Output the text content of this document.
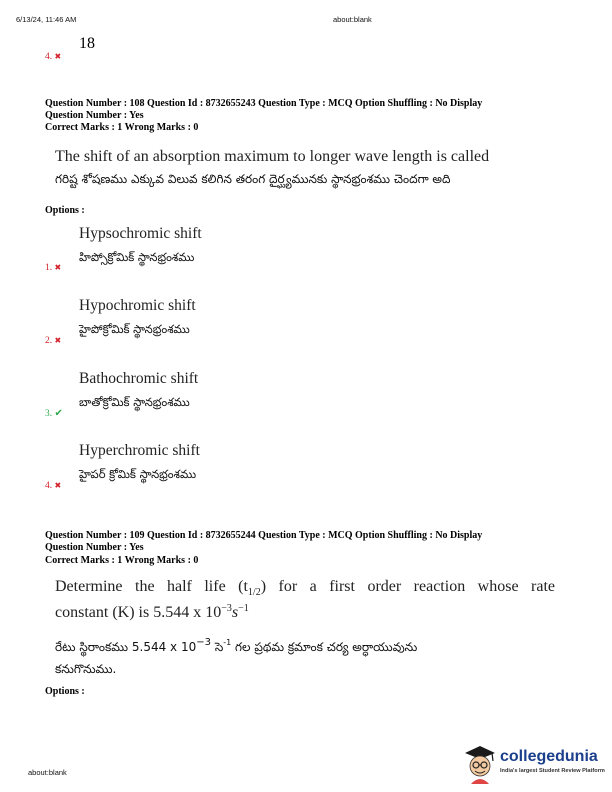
6/13/24, 11:46 AM	about:blank
18
4. ✖
Question Number : 108 Question Id : 8732655243 Question Type : MCQ Option Shuffling : No Display
Question Number : Yes
Correct Marks : 1 Wrong Marks : 0
The shift of an absorption maximum to longer wave length is called
గరిష్ట శోషణము ఎక్కువ విలువ కలిగిన తరంగ దైర్ఘ్యమునకు స్థానభ్రంశము చెందగా అది
Options :
Hypsochromic shift
హిప్సోక్రోమిక్ స్థానభ్రంశము
1. ✖
Hypochromic shift
హైపోక్రోమిక్ స్థానభ్రంశము
2. ✖
Bathochromic shift
బాతోక్రోమిక్ స్థానభ్రంశము
3. ✔
Hyperchromic shift
హైపర్ క్రోమిక్ స్థానభ్రంశము
4. ✖
Question Number : 109 Question Id : 8732655244 Question Type : MCQ Option Shuffling : No Display
Question Number : Yes
Correct Marks : 1 Wrong Marks : 0
Determine the half life $(t_{1/2})$ for a first order reaction whose rate
constant (K) is 5.544 x $10^{-3}s^{-1}$
రేటు స్థిరాంకము 5.544 x $10^{-3}$ సె$^{-1}$ గల ప్రథమ క్రమాంక చర్య అర్ధాయువును
కనుగొనుము.
Options :
about:blank
collegedunia
India's largest Student Review Platform
